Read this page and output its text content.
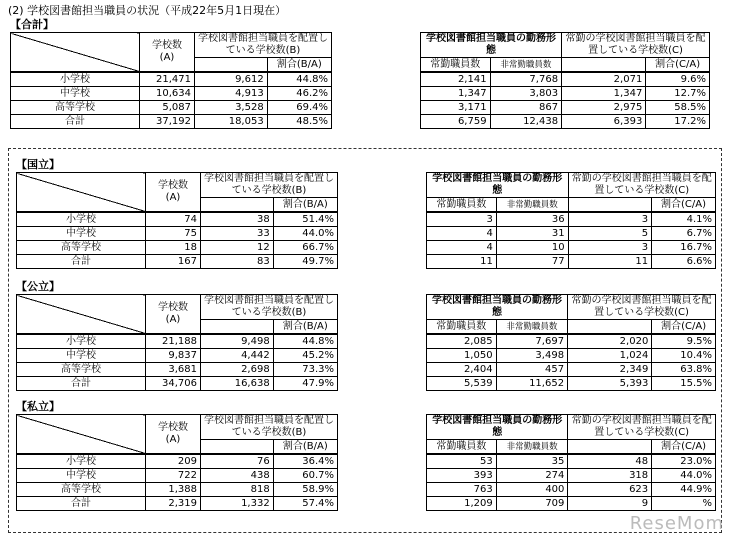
(2) 学校図書館担当職員の状況（平成22年5月1日現在）
【合計】
	学校数
(A)	学校図書館担当職員を配置している学校数(B)	
			割合(B/A)
小学校	21,471	9,612	44.8%
中学校	10,634	4,913	46.2%
高等学校	5,087	3,528	69.4%
合計	37,192	18,053	48.5%
学校図書館担当職員の勤務形態		常勤の学校図書館担当職員を配置している学校数(C)	
常勤職員数	非常勤職員数		割合(C/A)
2,141	7,768	2,071	9.6%
1,347	3,803	1,347	12.7%
3,171	867	2,975	58.5%
6,759	12,438	6,393	17.2%
【国立】
	学校数
(A)	学校図書館担当職員を配置している学校数(B)	
			割合(B/A)
小学校	74	38	51.4%
中学校	75	33	44.0%
高等学校	18	12	66.7%
合計	167	83	49.7%
学校図書館担当職員の勤務形態		常勤の学校図書館担当職員を配置している学校数(C)	
常勤職員数	非常勤職員数		割合(C/A)
3	36	3	4.1%
4	31	5	6.7%
4	10	3	16.7%
11	77	11	6.6%
【公立】
	学校数
(A)	学校図書館担当職員を配置している学校数(B)	
			割合(B/A)
小学校	21,188	9,498	44.8%
中学校	9,837	4,442	45.2%
高等学校	3,681	2,698	73.3%
合計	34,706	16,638	47.9%
学校図書館担当職員の勤務形態		常勤の学校図書館担当職員を配置している学校数(C)	
常勤職員数	非常勤職員数		割合(C/A)
2,085	7,697	2,020	9.5%
1,050	3,498	1,024	10.4%
2,404	457	2,349	63.8%
5,539	11,652	5,393	15.5%
【私立】
	学校数
(A)	学校図書館担当職員を配置している学校数(B)	
			割合(B/A)
小学校	209	76	36.4%
中学校	722	438	60.7%
高等学校	1,388	818	58.9%
合計	2,319	1,332	57.4%
学校図書館担当職員の勤務形態		常勤の学校図書館担当職員を配置している学校数(C)	
常勤職員数	非常勤職員数		割合(C/A)
53	35	48	23.0%
393	274	318	44.0%
763	400	623	44.9%
1,209	709	9	%
ReseMom
